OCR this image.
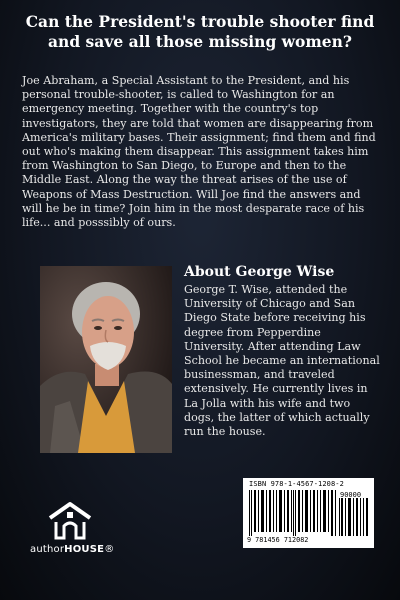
Can the President's trouble shooter find and save all those missing women?

Joe Abraham, a Special Assistant to the President, and his personal trouble-shooter, is called to Washington for an emergency meeting. Together with the country's top investigators, they are told that women are disappearing from America's military bases. Their assignment; find them and find out who's making them disappear. This assignment takes him from Washington to San Diego, to Europe and then to the Middle East. Along the way the threat arises of the use of Weapons of Mass Destruction. Will Joe find the answers and will he be in time? Join him in the most desparate race of his life... and posssibly of ours.

About George Wise

George T. Wise, attended the University of Chicago and San Diego State before receiving his degree from Pepperdine University. After attending Law School he became an international businessman, and traveled extensively. He currently lives in La Jolla with his wife and two dogs, the latter of which actually run the house.

authorHOUSE®
ISBN 978-1-4567-1208-2
90000
9 781456 712082
